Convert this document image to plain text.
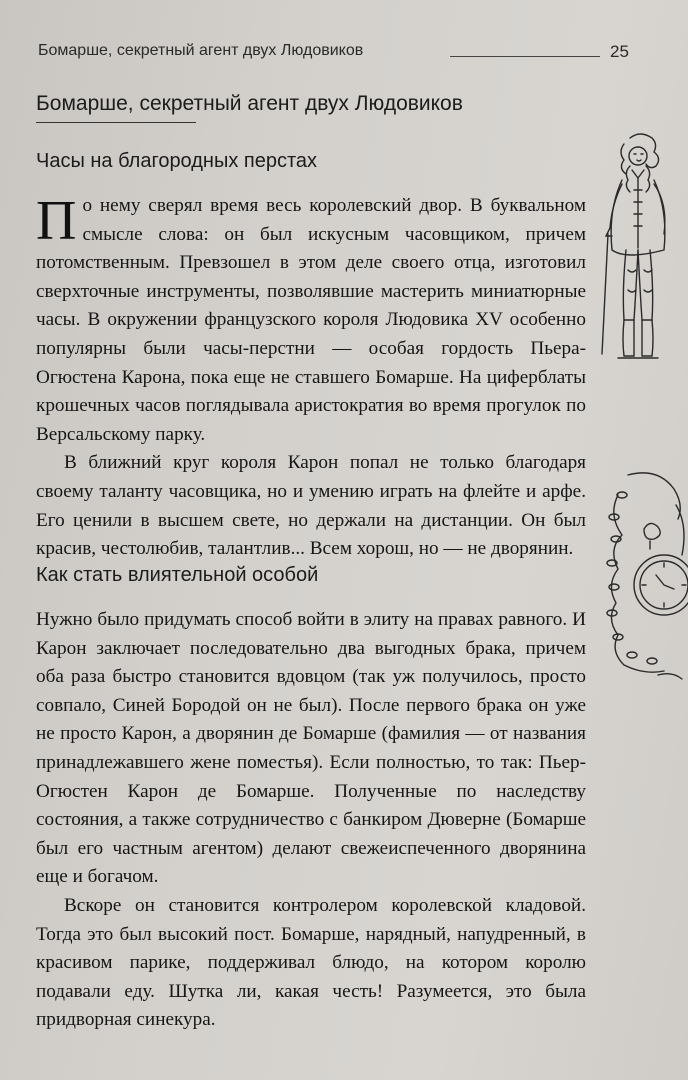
Бомарше, секретный агент двух Людовиков	25
Бомарше, секретный агент двух Людовиков
Часы на благородных перстах

По нему сверял время весь королевский двор. В буквальном смысле слова: он был искусным часовщиком, причем потомственным. Превзошел в этом деле своего отца, изготовил сверхточные инструменты, позволявшие мастерить миниатюрные часы. В окружении французского короля Людовика XV особенно популярны были часы-перстни — особая гордость Пьера-Огюстена Карона, пока еще не ставшего Бомарше. На циферблаты крошечных часов поглядывала аристократия во время прогулок по Версальскому парку.

В ближний круг короля Карон попал не только благодаря своему таланту часовщика, но и умению играть на флейте и арфе. Его ценили в высшем свете, но держали на дистанции. Он был красив, честолюбив, талантлив... Всем хорош, но — не дворянин.

Как стать влиятельной особой

Нужно было придумать способ войти в элиту на правах равного. И Карон заключает последовательно два выгодных брака, причем оба раза быстро становится вдовцом (так уж получилось, просто совпало, Синей Бородой он не был). После первого брака он уже не просто Карон, а дворянин де Бомарше (фамилия — от названия принадлежавшего жене поместья). Если полностью, то так: Пьер-Огюстен Карон де Бомарше. Полученные по наследству состояния, а также сотрудничество с банкиром Дюверне (Бомарше был его частным агентом) делают свежеиспеченного дворянина еще и богачом.

Вскоре он становится контролером королевской кладовой. Тогда это был высокий пост. Бомарше, нарядный, напудренный, в красивом парике, поддерживал блюдо, на котором королю подавали еду. Шутка ли, какая честь! Разумеется, это была придворная синекура.
